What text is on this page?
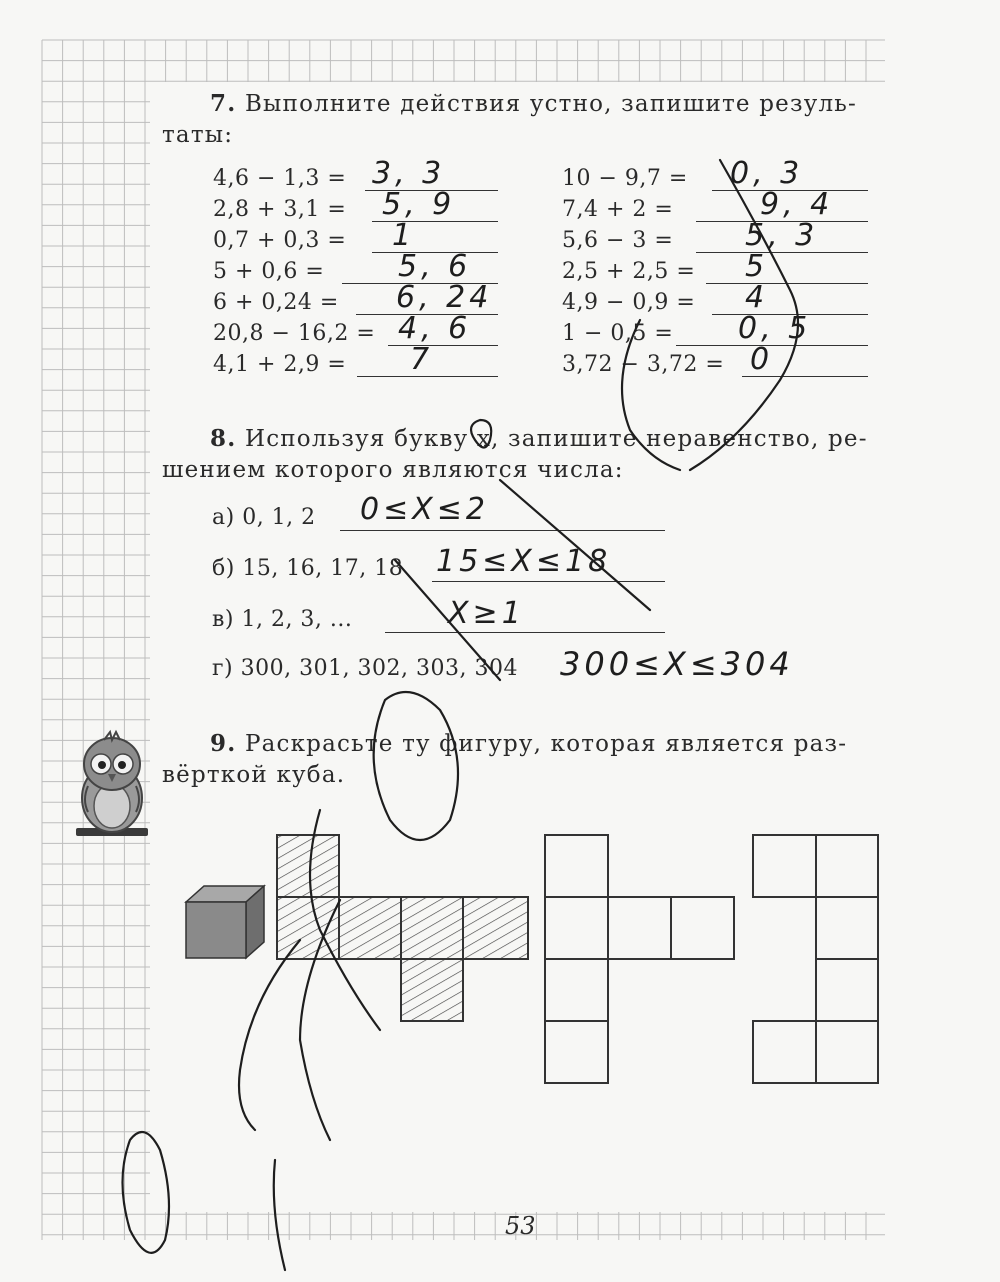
7. Выполните действия устно, запишите резуль-
таты:
4,6 − 1,3 = 3, 3
2,8 + 3,1 = 5, 9
0,7 + 0,3 = 1
5 + 0,6 = 5, 6
6 + 0,24 = 6, 24
20,8 − 16,2 = 4, 6
4,1 + 2,9 = 7
10 − 9,7 = 0, 3
7,4 + 2 =	9, 4
5,6 − 3 = 5, 3
2,5 + 2,5 = 5
4,9 − 0,9 = 4
1 − 0,5 = 0, 5
3,72 − 3,72 = 0
8. Используя букву x, запишите неравенство, ре-
шением которого являются числа:
а) 0, 1, 2 0≤X≤2
б) 15, 16, 17, 18 15≤X≤18
в) 1, 2, 3, ...	X≥1
г) 300, 301, 302, 303, 304 300≤X≤304
9. Раскрасьте ту фигуру, которая является раз-
вёрткой куба.
53
